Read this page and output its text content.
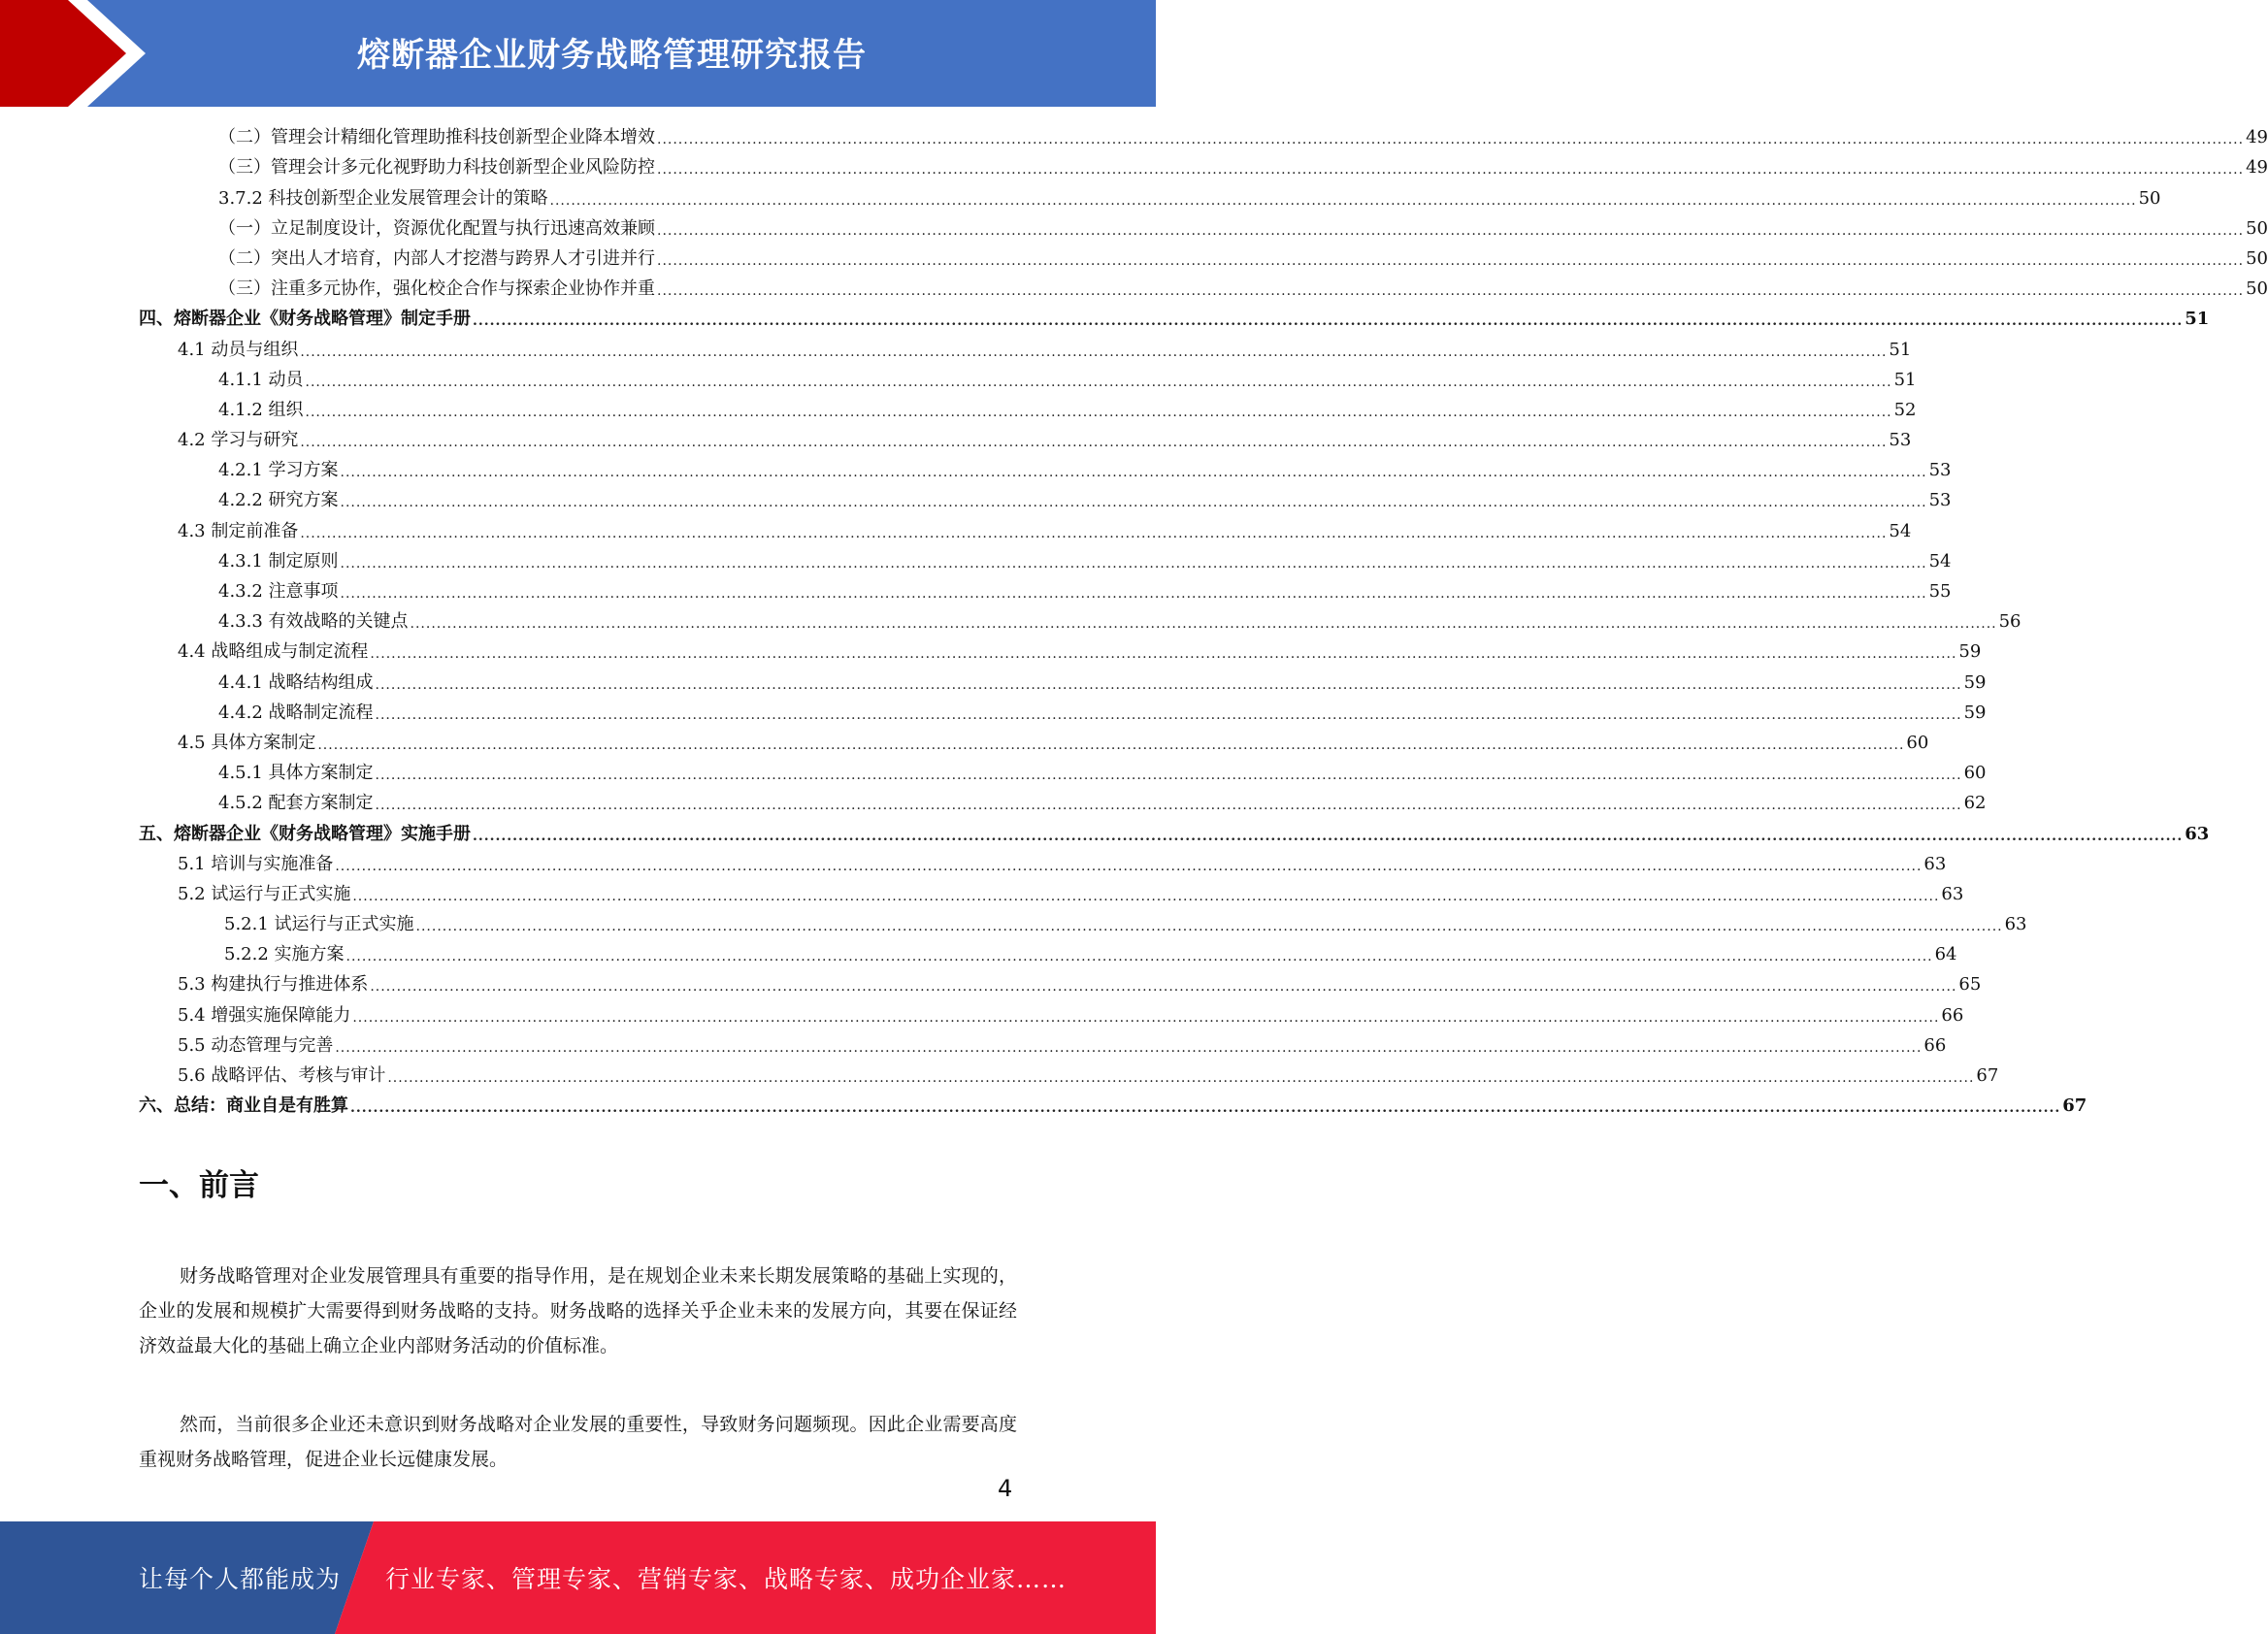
熔断器企业财务战略管理研究报告
（二）管理会计精细化管理助推科技创新型企业降本增效 ............................................................................................................................................................................................................................................................................................................ 49
（三）管理会计多元化视野助力科技创新型企业风险防控 ............................................................................................................................................................................................................................................................................................................ 49
3.7.2 科技创新型企业发展管理会计的策略 ............................................................................................................................................................................................................................................................................................................ 50
（一）立足制度设计，资源优化配置与执行迅速高效兼顾 ............................................................................................................................................................................................................................................................................................................ 50
（二）突出人才培育，内部人才挖潜与跨界人才引进并行 ............................................................................................................................................................................................................................................................................................................ 50
（三）注重多元协作，强化校企合作与探索企业协作并重 ............................................................................................................................................................................................................................................................................................................ 50
四、熔断器企业《财务战略管理》制定手册 ............................................................................................................................................................................................................................................................................................................ 51
4.1 动员与组织 ............................................................................................................................................................................................................................................................................................................ 51
4.1.1 动员 ............................................................................................................................................................................................................................................................................................................ 51
4.1.2 组织 ............................................................................................................................................................................................................................................................................................................ 52
4.2 学习与研究 ............................................................................................................................................................................................................................................................................................................ 53
4.2.1 学习方案 ............................................................................................................................................................................................................................................................................................................ 53
4.2.2 研究方案 ............................................................................................................................................................................................................................................................................................................ 53
4.3 制定前准备 ............................................................................................................................................................................................................................................................................................................ 54
4.3.1 制定原则 ............................................................................................................................................................................................................................................................................................................ 54
4.3.2 注意事项 ............................................................................................................................................................................................................................................................................................................ 55
4.3.3 有效战略的关键点 ............................................................................................................................................................................................................................................................................................................ 56
4.4 战略组成与制定流程 ............................................................................................................................................................................................................................................................................................................ 59
4.4.1 战略结构组成 ............................................................................................................................................................................................................................................................................................................ 59
4.4.2 战略制定流程 ............................................................................................................................................................................................................................................................................................................ 59
4.5 具体方案制定 ............................................................................................................................................................................................................................................................................................................ 60
4.5.1 具体方案制定 ............................................................................................................................................................................................................................................................................................................ 60
4.5.2 配套方案制定 ............................................................................................................................................................................................................................................................................................................ 62
五、熔断器企业《财务战略管理》实施手册 ............................................................................................................................................................................................................................................................................................................ 63
5.1 培训与实施准备 ............................................................................................................................................................................................................................................................................................................ 63
5.2 试运行与正式实施 ............................................................................................................................................................................................................................................................................................................ 63
5.2.1 试运行与正式实施 ............................................................................................................................................................................................................................................................................................................ 63
5.2.2 实施方案 ............................................................................................................................................................................................................................................................................................................ 64
5.3 构建执行与推进体系 ............................................................................................................................................................................................................................................................................................................ 65
5.4 增强实施保障能力 ............................................................................................................................................................................................................................................................................................................ 66
5.5 动态管理与完善 ............................................................................................................................................................................................................................................................................................................ 66
5.6 战略评估、考核与审计 ............................................................................................................................................................................................................................................................................................................ 67
六、总结：商业自是有胜算 ............................................................................................................................................................................................................................................................................................................ 67
一、前言

财务战略管理对企业发展管理具有重要的指导作用，是在规划企业未来长期发展策略的基础上实现的，企业的发展和规模扩大需要得到财务战略的支持。财务战略的选择关乎企业未来的发展方向，其要在保证经济效益最大化的基础上确立企业内部财务活动的价值标准。

然而，当前很多企业还未意识到财务战略对企业发展的重要性，导致财务问题频现。因此企业需要高度重视财务战略管理，促进企业长远健康发展。

4
让每个人都能成为 行业专家、管理专家、营销专家、战略专家、成功企业家……
